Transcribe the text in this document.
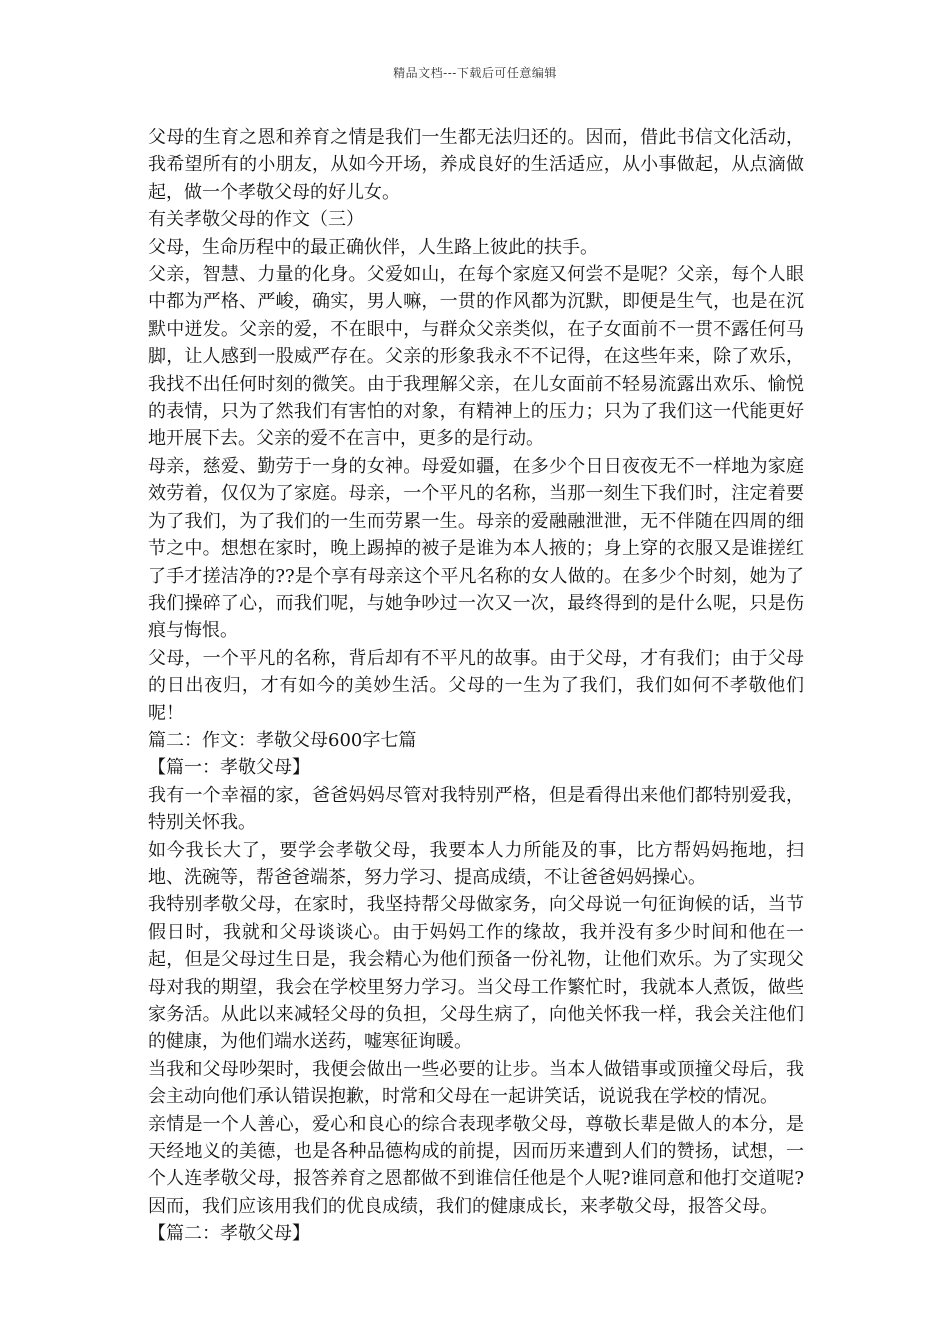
精品文档---下载后可任意编辑

父母的生育之恩和养育之情是我们一生都无法归还的。因而，借此书信文化活动，我希望所有的小朋友，从如今开场，养成良好的生活适应，从小事做起，从点滴做起，做一个孝敬父母的好儿女。

有关孝敬父母的作文（三）

父母，生命历程中的最正确伙伴，人生路上彼此的扶手。

父亲，智慧、力量的化身。父爱如山，在每个家庭又何尝不是呢？父亲，每个人眼中都为严格、严峻，确实，男人嘛，一贯的作风都为沉默，即便是生气，也是在沉默中迸发。父亲的爱，不在眼中，与群众父亲类似，在子女面前不一贯不露任何马脚，让人感到一股威严存在。父亲的形象我永不不记得，在这些年来，除了欢乐，我找不出任何时刻的微笑。由于我理解父亲，在儿女面前不轻易流露出欢乐、愉悦的表情，只为了然我们有害怕的对象，有精神上的压力；只为了我们这一代能更好地开展下去。父亲的爱不在言中，更多的是行动。

母亲，慈爱、勤劳于一身的女神。母爱如疆，在多少个日日夜夜无不一样地为家庭效劳着，仅仅为了家庭。母亲，一个平凡的名称，当那一刻生下我们时，注定着要为了我们，为了我们的一生而劳累一生。母亲的爱融融泄泄，无不伴随在四周的细节之中。想想在家时，晚上踢掉的被子是谁为本人掖的；身上穿的衣服又是谁搓红了手才搓洁净的??是个享有母亲这个平凡名称的女人做的。在多少个时刻，她为了我们操碎了心，而我们呢，与她争吵过一次又一次，最终得到的是什么呢，只是伤痕与悔恨。

父母，一个平凡的名称，背后却有不平凡的故事。由于父母，才有我们；由于父母的日出夜归，才有如今的美妙生活。父母的一生为了我们，我们如何不孝敬他们呢！

篇二：作文：孝敬父母600字七篇

【篇一：孝敬父母】

我有一个幸福的家，爸爸妈妈尽管对我特别严格，但是看得出来他们都特别爱我，特别关怀我。

如今我长大了，要学会孝敬父母，我要本人力所能及的事，比方帮妈妈拖地，扫地、洗碗等，帮爸爸端茶，努力学习、提高成绩，不让爸爸妈妈操心。

我特别孝敬父母，在家时，我坚持帮父母做家务，向父母说一句征询候的话，当节假日时，我就和父母谈谈心。由于妈妈工作的缘故，我并没有多少时间和他在一起，但是父母过生日是，我会精心为他们预备一份礼物，让他们欢乐。为了实现父母对我的期望，我会在学校里努力学习。当父母工作繁忙时，我就本人煮饭，做些家务活。从此以来减轻父母的负担，父母生病了，向他关怀我一样，我会关注他们的健康，为他们端水送药，嘘寒征询暖。

当我和父母吵架时，我便会做出一些必要的让步。当本人做错事或顶撞父母后，我会主动向他们承认错误抱歉，时常和父母在一起讲笑话，说说我在学校的情况。

亲情是一个人善心，爱心和良心的综合表现孝敬父母，尊敬长辈是做人的本分，是天经地义的美德，也是各种品德构成的前提，因而历来遭到人们的赞扬，试想，一个人连孝敬父母，报答养育之恩都做不到谁信任他是个人呢?谁同意和他打交道呢?因而，我们应该用我们的优良成绩，我们的健康成长，来孝敬父母，报答父母。

【篇二：孝敬父母】
